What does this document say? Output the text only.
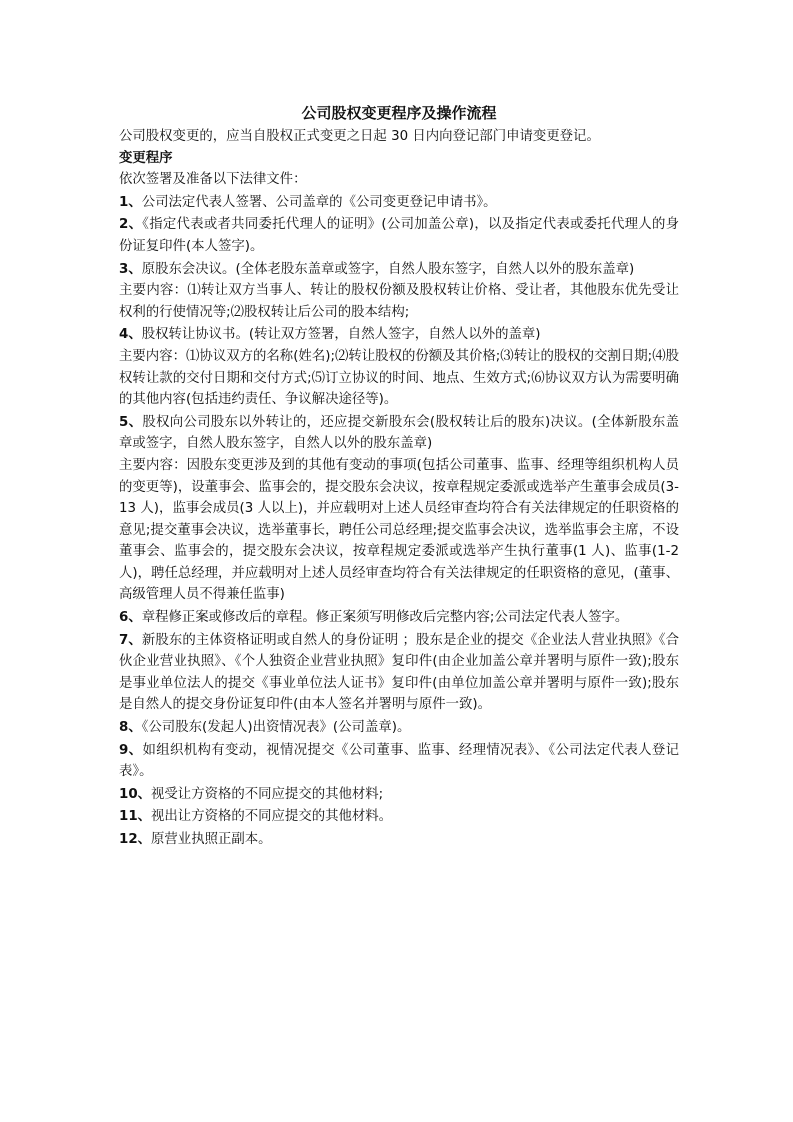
公司股权变更程序及操作流程

公司股权变更的，应当自股权正式变更之日起 30 日内向登记部门申请变更登记。

变更程序

依次签署及准备以下法律文件：

1、公司法定代表人签署、公司盖章的《公司变更登记申请书》。

2、《指定代表或者共同委托代理人的证明》(公司加盖公章)，以及指定代表或委托代理人的身份证复印件(本人签字)。

3、原股东会决议。(全体老股东盖章或签字，自然人股东签字，自然人以外的股东盖章)

主要内容：⑴转让双方当事人、转让的股权份额及股权转让价格、受让者，其他股东优先受让权利的行使情况等;⑵股权转让后公司的股本结构;

4、股权转让协议书。(转让双方签署，自然人签字，自然人以外的盖章)

主要内容：⑴协议双方的名称(姓名);⑵转让股权的份额及其价格;⑶转让的股权的交割日期;⑷股权转让款的交付日期和交付方式;⑸订立协议的时间、地点、生效方式;⑹协议双方认为需要明确的其他内容(包括违约责任、争议解决途径等)。

5、股权向公司股东以外转让的，还应提交新股东会(股权转让后的股东)决议。(全体新股东盖章或签字，自然人股东签字，自然人以外的股东盖章)

主要内容：因股东变更涉及到的其他有变动的事项(包括公司董事、监事、经理等组织机构人员的变更等)，设董事会、监事会的，提交股东会决议，按章程规定委派或选举产生董事会成员(3-13 人)，监事会成员(3 人以上)，并应载明对上述人员经审查均符合有关法律规定的任职资格的意见;提交董事会决议，选举董事长，聘任公司总经理;提交监事会决议，选举监事会主席，不设董事会、监事会的，提交股东会决议，按章程规定委派或选举产生执行董事(1 人)、监事(1-2 人)，聘任总经理，并应载明对上述人员经审查均符合有关法律规定的任职资格的意见，(董事、高级管理人员不得兼任监事)

6、章程修正案或修改后的章程。修正案须写明修改后完整内容;公司法定代表人签字。

7、新股东的主体资格证明或自然人的身份证明 ；股东是企业的提交《企业法人营业执照》《合伙企业营业执照》、《个人独资企业营业执照》复印件(由企业加盖公章并署明与原件一致);股东是事业单位法人的提交《事业单位法人证书》复印件(由单位加盖公章并署明与原件一致);股东是自然人的提交身份证复印件(由本人签名并署明与原件一致)。

8、《公司股东(发起人)出资情况表》(公司盖章)。

9、如组织机构有变动，视情况提交《公司董事、监事、经理情况表》、《公司法定代表人登记表》。

10、视受让方资格的不同应提交的其他材料;

11、视出让方资格的不同应提交的其他材料。

12、原营业执照正副本。
